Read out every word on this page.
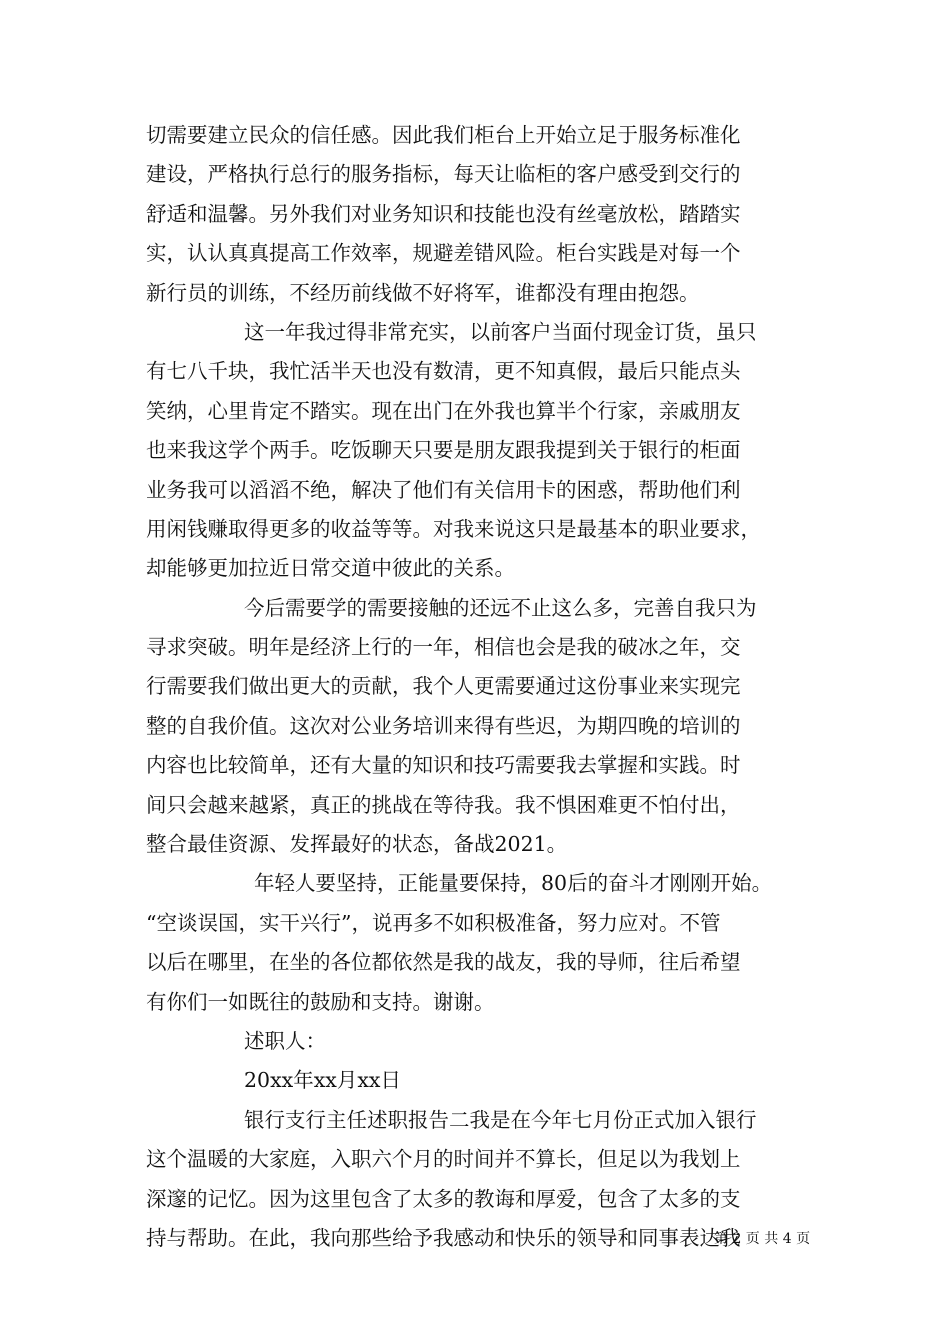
切需要建立民众的信任感。因此我们柜台上开始立足于服务标准化
建设，严格执行总行的服务指标，每天让临柜的客户感受到交行的
舒适和温馨。另外我们对业务知识和技能也没有丝毫放松，踏踏实
实，认认真真提高工作效率，规避差错风险。柜台实践是对每一个
新行员的训练，不经历前线做不好将军，谁都没有理由抱怨。
这一年我过得非常充实，以前客户当面付现金订货，虽只
有七八千块，我忙活半天也没有数清，更不知真假，最后只能点头
笑纳，心里肯定不踏实。现在出门在外我也算半个行家，亲戚朋友
也来我这学个两手。吃饭聊天只要是朋友跟我提到关于银行的柜面
业务我可以滔滔不绝，解决了他们有关信用卡的困惑，帮助他们利
用闲钱赚取得更多的收益等等。对我来说这只是最基本的职业要求，
却能够更加拉近日常交道中彼此的关系。
今后需要学的需要接触的还远不止这么多，完善自我只为
寻求突破。明年是经济上行的一年，相信也会是我的破冰之年，交
行需要我们做出更大的贡献，我个人更需要通过这份事业来实现完
整的自我价值。这次对公业务培训来得有些迟，为期四晚的培训的
内容也比较简单，还有大量的知识和技巧需要我去掌握和实践。时
间只会越来越紧，真正的挑战在等待我。我不惧困难更不怕付出，
整合最佳资源、发挥最好的状态，备战2021。
年轻人要坚持，正能量要保持，80后的奋斗才刚刚开始。
“空谈误国，实干兴行”，说再多不如积极准备，努力应对。不管
以后在哪里，在坐的各位都依然是我的战友，我的导师，往后希望
有你们一如既往的鼓励和支持。谢谢。
述职人：
20xx年xx月xx日
银行支行主任述职报告二我是在今年七月份正式加入银行
这个温暖的大家庭，入职六个月的时间并不算长，但足以为我划上
深邃的记忆。因为这里包含了太多的教诲和厚爱，包含了太多的支
持与帮助。在此，我向那些给予我感动和快乐的领导和同事表达我
第 2 页 共 4 页
